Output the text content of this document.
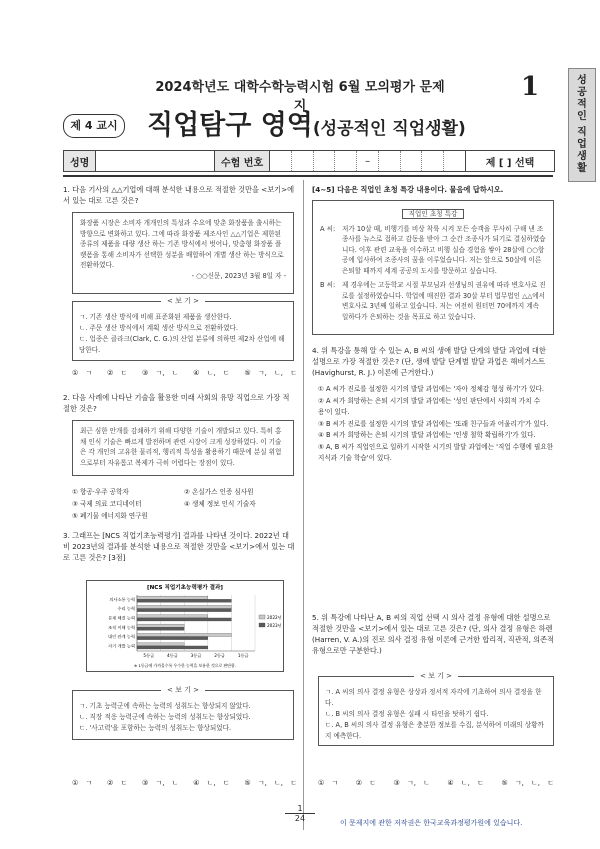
2024학년도 대학수학능력시험 6월 모의평가 문제지
1	성
공
적
인
직
업
생
활
제 4 교시 직업탐구 영역(성공적인 직업생활)
성명	수험 번호	–	제 [ ] 선택
1. 다음 기사의 △△기업에 대해 분석한 내용으로 적절한 것만을 <보기>에서 있는 대로 고른 것은?
화장품 시장은 소비자 개개인의 특성과 수요에 맞춘 화장품을 출시하는 방향으로 변화하고 있다. 그에 따라 화장품 제조사인 △△기업은 제한된 종류의 제품을 대량 생산 하는 기존 방식에서 벗어나, 맞춤형 화장품 플랫폼을 통해 소비자가 선택한 성분을 배합하여 개별 생산 하는 방식으로 전환하였다.
- ○○신문, 2023년 3월 8일 자 -
< 보 기 >
ㄱ. 기존 생산 방식에 비해 표준화된 제품을 생산한다.
ㄴ. 주문 생산 방식에서 계획 생산 방식으로 전환하였다.
ㄷ. 업종은 클라크(Clark, C. G.)의 산업 분류에 의하면 제2차 산업에 해당한다.
① ㄱ ② ㄷ ③ ㄱ, ㄴ ④ ㄴ, ㄷ ⑤ ㄱ, ㄴ, ㄷ
2. 다음 사례에 나타난 기술을 활용한 미래 사회의 유망 직업으로 가장 적절한 것은?
최근 심한 안개를 감쇄하기 위해 다양한 기술이 개발되고 있다. 특히 홍채 인식 기술은 빠르게 발전하며 관련 시장이 크게 성장하였다. 이 기술은 각 개인의 고유한 물리적, 행리적 특성을 활용하기 때문에 분실 위험으로부터 자유롭고 복제가 극히 어렵다는 장점이 있다.
① 항공·우주 공학자	② 온실가스 인증 심사원
③ 국제 의료 코디네이터	④ 생체 정보 인식 기술자
⑤ 폐기물 에너지화 연구원
3. 그래프는 [NCS 직업기초능력평가] 결과를 나타낸 것이다. 2022년 대비 2023년의 결과를 분석한 내용으로 적절한 것만을 <보기>에서 있는 대로 고른 것은? [3점]
[NCS 직업기초능력평가 결과]
의사소통 능력
수리 능력
문제 해결 능력
조직 이해 능력
대인 관계 능력
자기 개발 능력
5등급	4등급	3등급	2등급	1등급
2022년
2023년
※ 1등급에 가까울수록 우수한 능력을 보유한 것으로 판단함.
< 보 기 >
ㄱ. 기초 능력군에 속하는 능력의 성취도는 향상되지 않았다.
ㄴ. 직장 적응 능력군에 속하는 능력의 성취도는 향상되었다.
ㄷ. '사고력'을 포함하는 능력의 성취도는 향상되었다.
① ㄱ ② ㄷ ③ ㄱ, ㄴ ④ ㄴ, ㄷ ⑤ ㄱ, ㄴ, ㄷ
[4~5] 다음은 직업인 초청 특강 내용이다. 물음에 답하시오.
직업인 초청 특강
A 씨:	저가 10살 때, 비행기를 비상 착륙 시켜 모든 승객을 무사히 구해 낸 조종사를 뉴스로 접하고 감동을 받아 그 순간 조종사가 되기로 결심하였습니다. 이후 관련 교육을 이수하고 비행 실습 경험을 쌓아 28살에 ○○항공에 입사하여 조종사의 꿈을 이루었습니다. 저는 앞으로 50살에 이른 은퇴할 때까지 세계 공공의 도시를 방문하고 싶습니다.
B 씨:	제 경우에는 고등학교 시절 부모님과 선생님의 권유에 따라 변호사로 진로를 설정하였습니다. 학업에 매진한 결과 30살 부터 법무법인 △△에서 변호사로 3년째 일하고 있습니다. 저는 여전히 원터먼 70에까지 계속 일하다가 은퇴하는 것을 목표로 하고 있습니다.
4. 위 특강을 통해 알 수 있는 A, B 씨의 생애 발달 단계의 발달 과업에 대한 설명으로 가장 적절한 것은? (단, 생애 발달 단계별 발달 과업은 해비거스트(Havighurst, R. J.) 이론에 근거한다.)
① A 씨가 진로를 설정한 시기의 발달 과업에는 '자아 정체감 형성 하기'가 있다.
② A 씨가 희망하는 은퇴 시기의 발달 과업에는 '성인 판단에서 사회적 가치 수용'이 있다.
③ B 씨가 진로를 설정한 시기의 발달 과업에는 '또래 친구들과 어울리기'가 있다.
④ B 씨가 희망하는 은퇴 시기의 발달 과업에는 '인생 철학 확립하기'가 있다.
⑤ A, B 씨가 직업인으로 일하기 시작한 시기의 발달 과업에는 '직업 수행에 필요한 지식과 기술 학습'이 있다.
5. 위 특강에 나타난 A, B 씨의 직업 선택 시 의사 결정 유형에 대한 설명으로 적절한 것만을 <보기>에서 있는 대로 고른 것은? (단, 의사 결정 유형은 하렌(Harren, V. A.)의 진로 의사 결정 유형 이론에 근거한 합리적, 직관적, 의존적 유형으로만 구분한다.)
< 보 기 >
ㄱ. A 씨의 의사 결정 유형은 상상과 정서적 자각에 기초하여 의사 결정을 한다.
ㄴ. B 씨의 의사 결정 유형은 실패 시 타인을 탓하기 쉽다.
ㄷ. A, B 씨의 의사 결정 유형은 충분한 정보를 수집, 분석하여 미래의 상황까지 예측한다.
① ㄱ ② ㄷ ③ ㄱ, ㄴ ④ ㄴ, ㄷ ⑤ ㄱ, ㄴ, ㄷ
1
24	이 문제지에 관한 저작권은 한국교육과정평가원에 있습니다.
